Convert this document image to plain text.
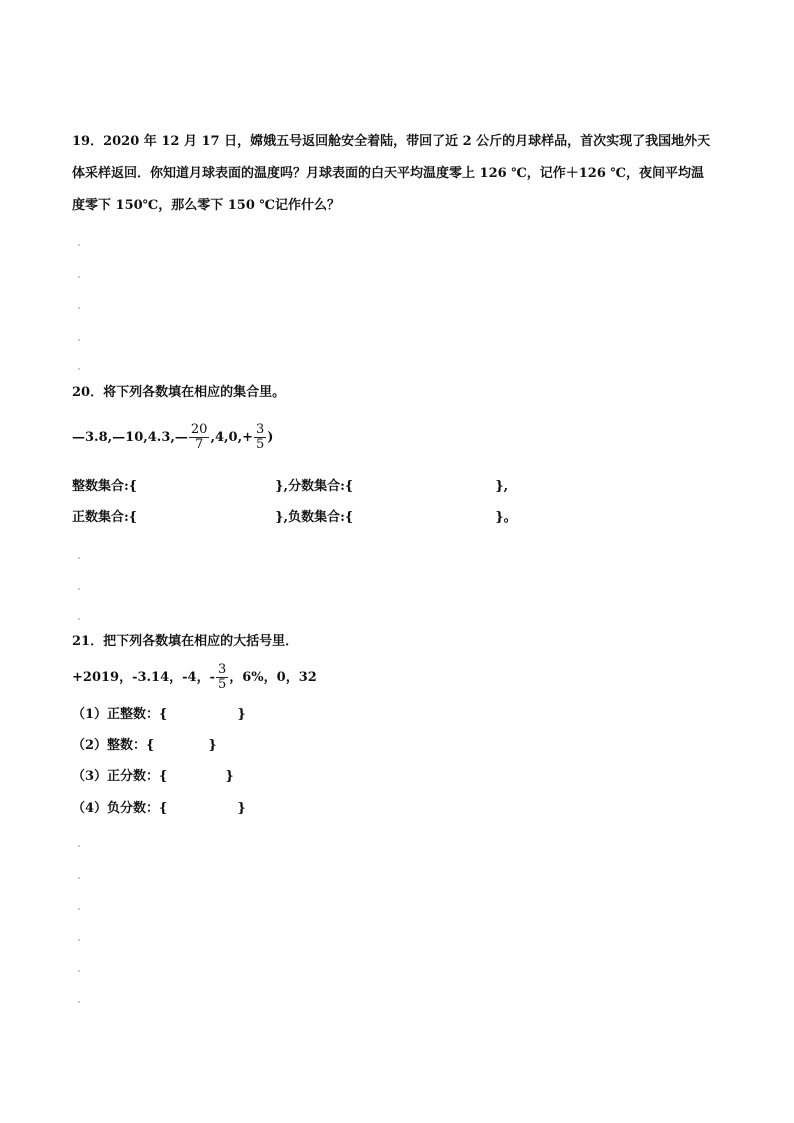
19．2020 年 12 月 17 日，嫦娥五号返回舱安全着陆，带回了近 2 公斤的月球样品，首次实现了我国地外天
体采样返回．你知道月球表面的温度吗？月球表面的白天平均温度零上 126 ℃，记作＋126 ℃，夜间平均温
度零下 150℃，那么零下 150 ℃记作什么？
20．将下列各数填在相应的集合里。
—3.8,—10,4.3,— $\frac{20}{7} ,4,0,+ \frac{3}{5}$ )
整数集合:{	},分数集合:{	},
正数集合:{	},负数集合:{	}。
21．把下列各数填在相应的大括号里．
+2019，-3.14，-4，- $\frac{3}{5}$ ，6%，0，32
（1）正整数：{	}
（2）整数：{	}
（3）正分数：{	}
（4）负分数：{	}
